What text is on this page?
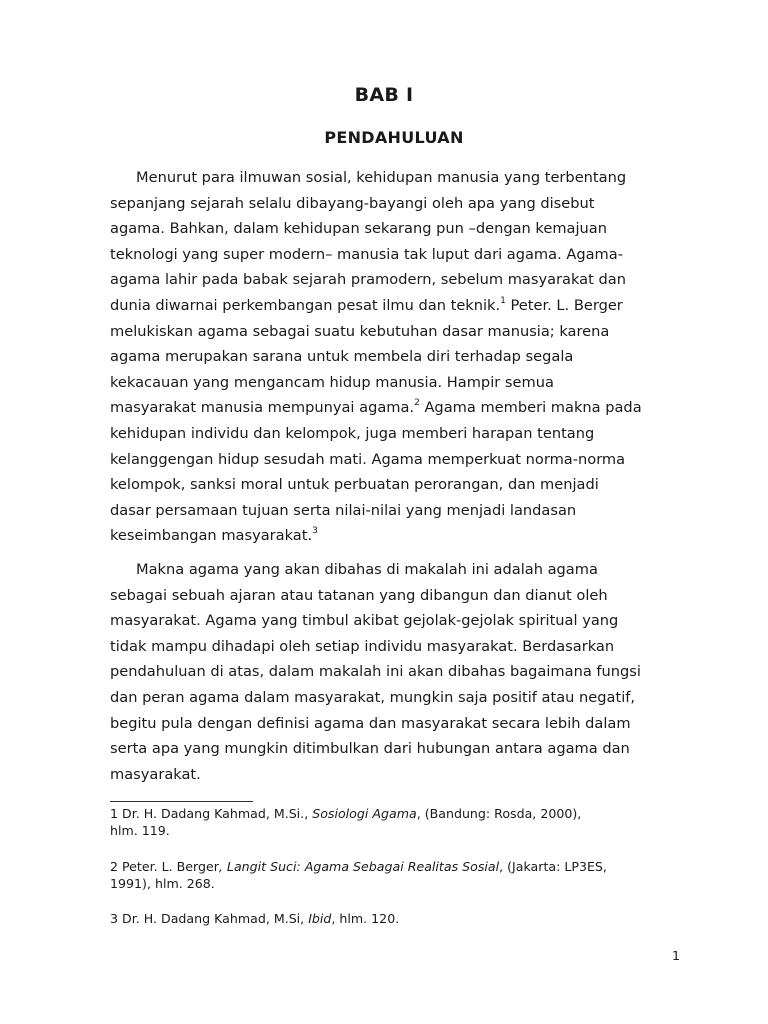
BAB I
PENDAHULUAN
Menurut para ilmuwan sosial, kehidupan manusia yang terbentang
sepanjang sejarah selalu dibayang-bayangi oleh apa yang disebut
agama. Bahkan, dalam kehidupan sekarang pun –dengan kemajuan
teknologi yang super modern– manusia tak luput dari agama. Agama-
agama lahir pada babak sejarah pramodern, sebelum masyarakat dan
dunia diwarnai perkembangan pesat ilmu dan teknik.$^1$ Peter. L. Berger
melukiskan agama sebagai suatu kebutuhan dasar manusia; karena
agama merupakan sarana untuk membela diri terhadap segala
kekacauan yang mengancam hidup manusia. Hampir semua
masyarakat manusia mempunyai agama.$^2$ Agama memberi makna pada
kehidupan individu dan kelompok, juga memberi harapan tentang
kelanggengan hidup sesudah mati. Agama memperkuat norma-norma
kelompok, sanksi moral untuk perbuatan perorangan, dan menjadi
dasar persamaan tujuan serta nilai-nilai yang menjadi landasan
keseimbangan masyarakat.$^3$
Makna agama yang akan dibahas di makalah ini adalah agama
sebagai sebuah ajaran atau tatanan yang dibangun dan dianut oleh
masyarakat. Agama yang timbul akibat gejolak-gejolak spiritual yang
tidak mampu dihadapi oleh setiap individu masyarakat. Berdasarkan
pendahuluan di atas, dalam makalah ini akan dibahas bagaimana fungsi
dan peran agama dalam masyarakat, mungkin saja positif atau negatif,
begitu pula dengan definisi agama dan masyarakat secara lebih dalam
serta apa yang mungkin ditimbulkan dari hubungan antara agama dan
masyarakat.
1 Dr. H. Dadang Kahmad, M.Si., Sosiologi Agama, (Bandung: Rosda, 2000),
hlm. 119.
2 Peter. L. Berger, Langit Suci: Agama Sebagai Realitas Sosial, (Jakarta: LP3ES,
1991), hlm. 268.
3 Dr. H. Dadang Kahmad, M.Si, Ibid, hlm. 120.
1
